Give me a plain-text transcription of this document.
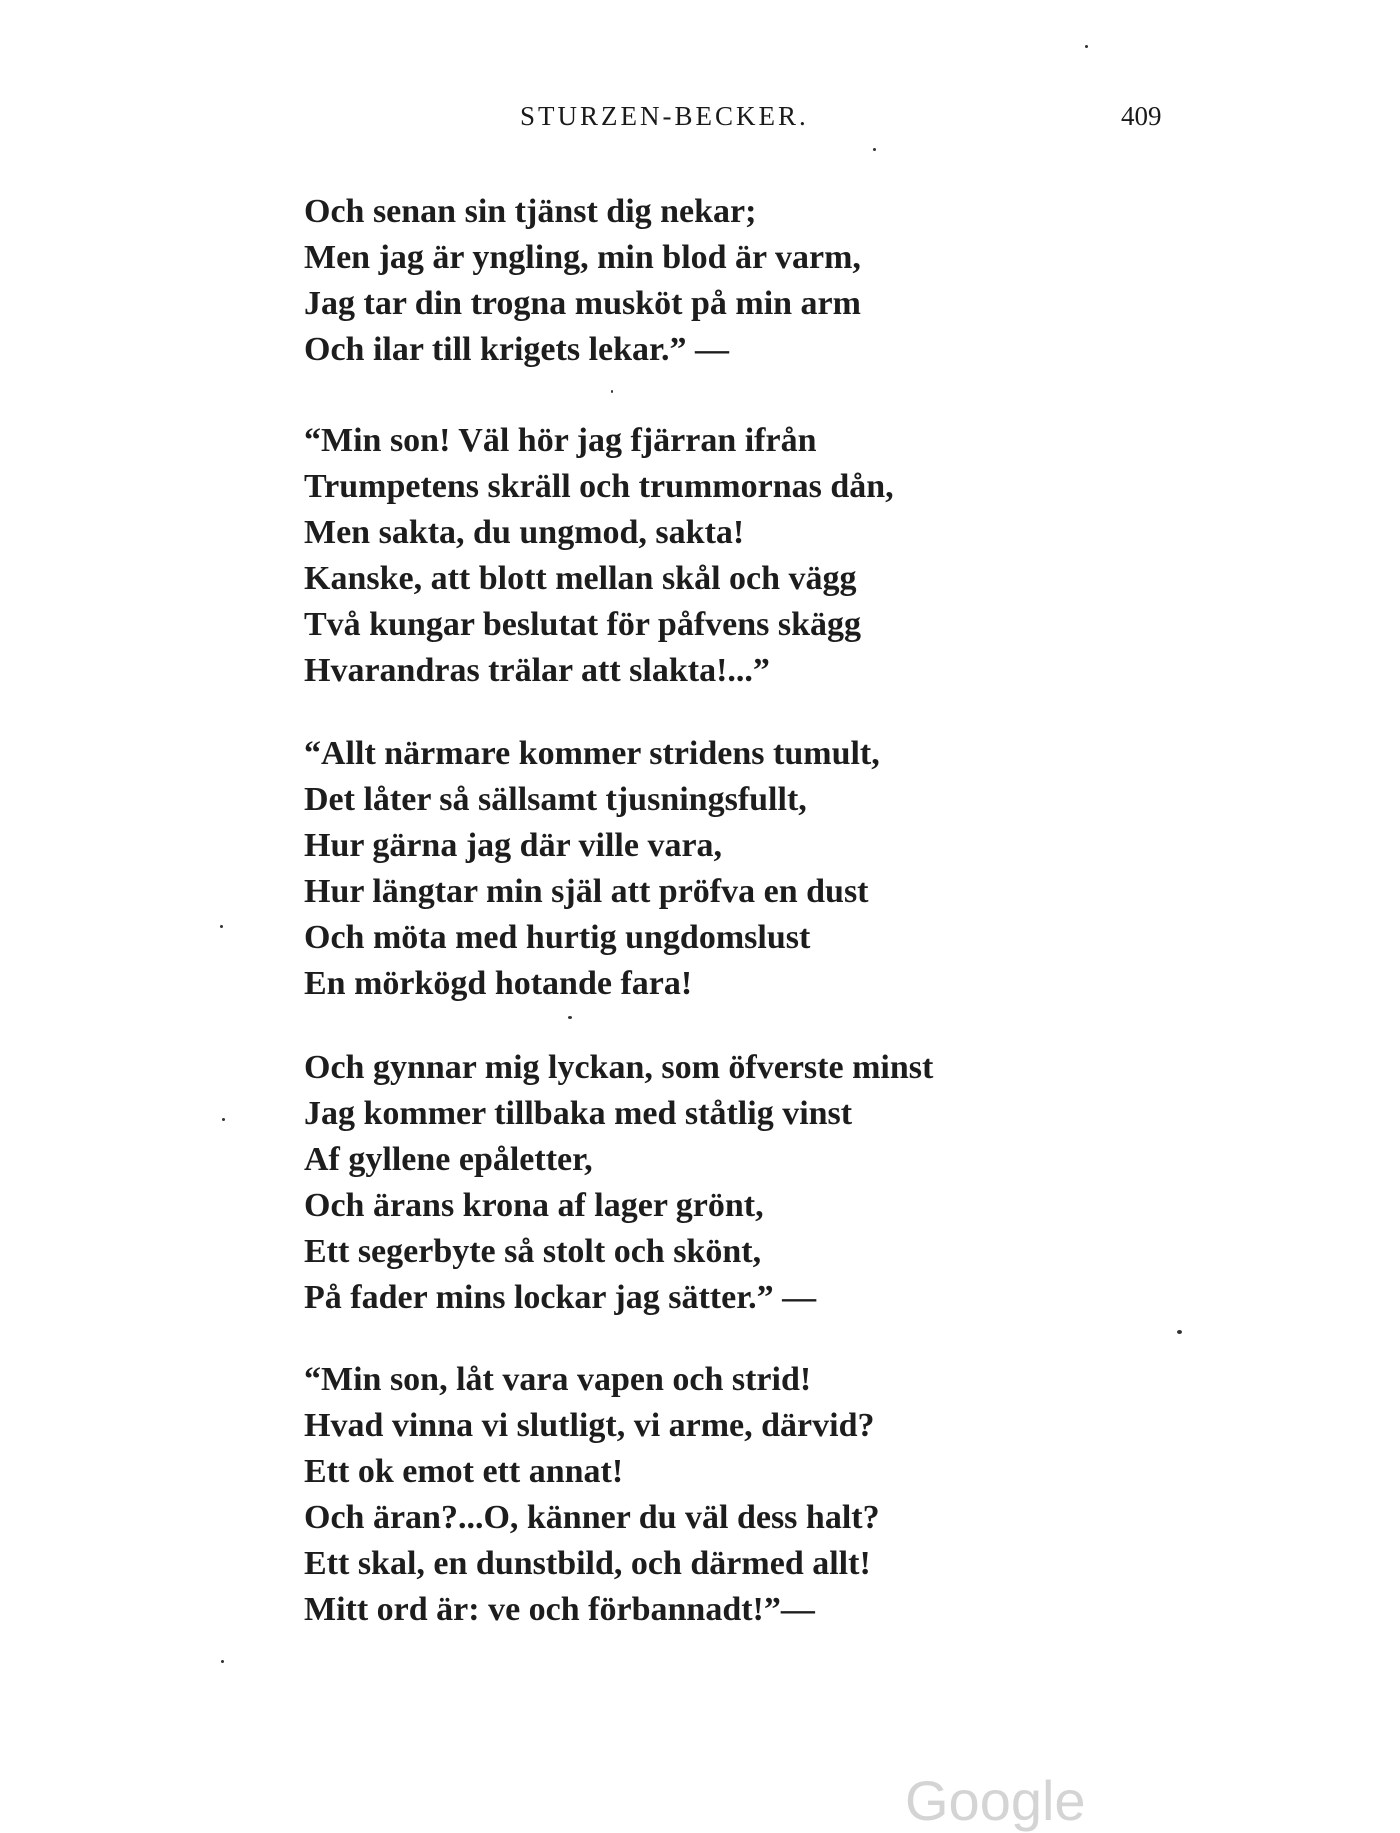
STURZEN-BECKER.	409
Och senan sin tjänst dig nekar;
Men jag är yngling, min blod är varm,
Jag tar din trogna musköt på min arm
Och ilar till krigets lekar.” —
“Min son! Väl hör jag fjärran ifrån
Trumpetens skräll och trummornas dån,
Men sakta, du ungmod, sakta!
Kanske, att blott mellan skål och vägg
Två kungar beslutat för påfvens skägg
Hvarandras trälar att slakta!...”
“Allt närmare kommer stridens tumult,
Det låter så sällsamt tjusningsfullt,
Hur gärna jag där ville vara,
Hur längtar min själ att pröfva en dust
Och möta med hurtig ungdomslust
En mörkögd hotande fara!
Och gynnar mig lyckan, som öfverste minst
Jag kommer tillbaka med ståtlig vinst
Af gyllene epåletter,
Och ärans krona af lager grönt,
Ett segerbyte så stolt och skönt,
På fader mins lockar jag sätter.” —
“Min son, låt vara vapen och strid!
Hvad vinna vi slutligt, vi arme, därvid?
Ett ok emot ett annat!
Och äran?...O, känner du väl dess halt?
Ett skal, en dunstbild, och därmed allt!
Mitt ord är: ve och förbannadt!”—
Google
